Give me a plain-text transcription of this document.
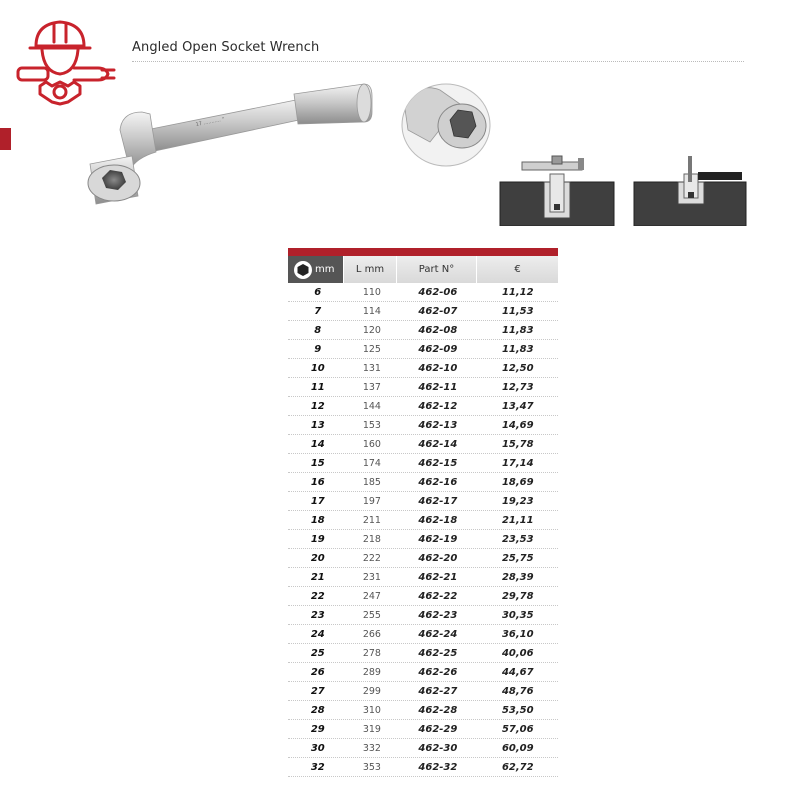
Angled Open Socket Wrench
17 ........... "
mm	L mm	Part N°	€
6	110	462-06	11,12
7	114	462-07	11,53
8	120	462-08	11,83
9	125	462-09	11,83
10	131	462-10	12,50
11	137	462-11	12,73
12	144	462-12	13,47
13	153	462-13	14,69
14	160	462-14	15,78
15	174	462-15	17,14
16	185	462-16	18,69
17	197	462-17	19,23
18	211	462-18	21,11
19	218	462-19	23,53
20	222	462-20	25,75
21	231	462-21	28,39
22	247	462-22	29,78
23	255	462-23	30,35
24	266	462-24	36,10
25	278	462-25	40,06
26	289	462-26	44,67
27	299	462-27	48,76
28	310	462-28	53,50
29	319	462-29	57,06
30	332	462-30	60,09
32	353	462-32	62,72
